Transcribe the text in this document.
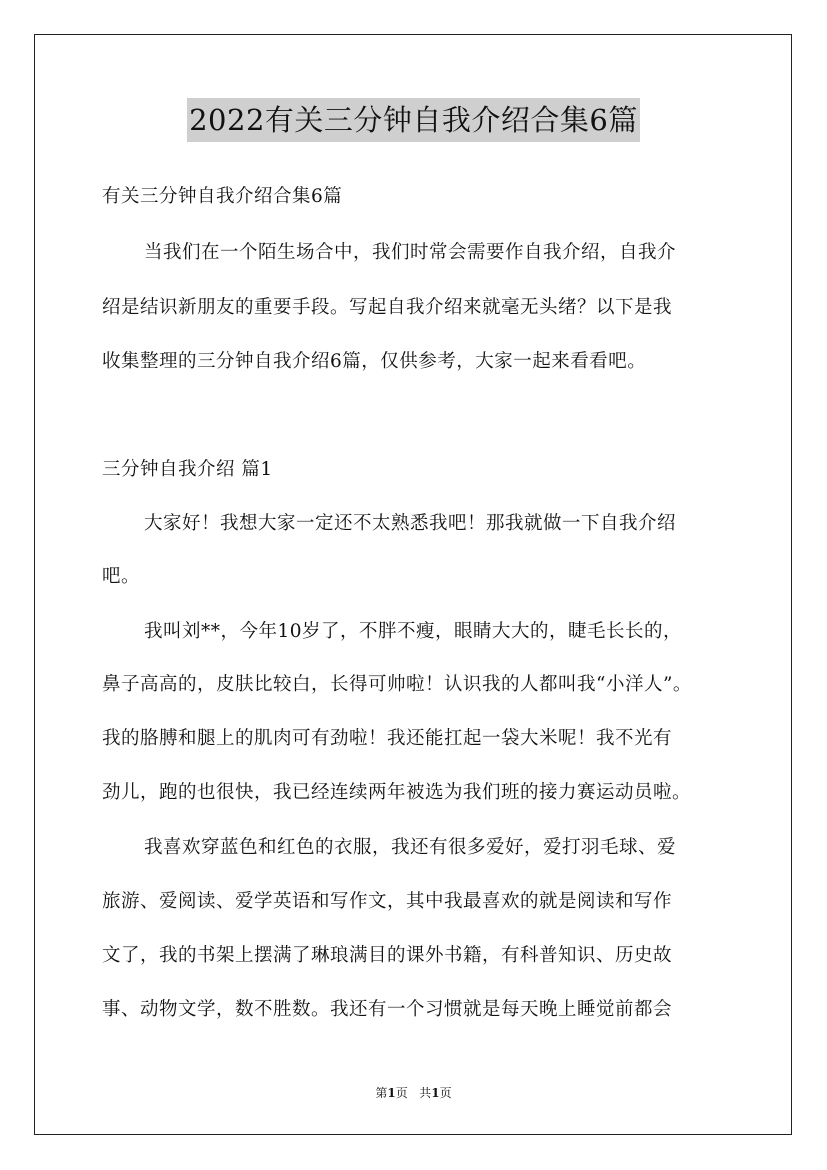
2022有关三分钟自我介绍合集6篇
有关三分钟自我介绍合集6篇
当我们在一个陌生场合中，我们时常会需要作自我介绍，自我介
绍是结识新朋友的重要手段。写起自我介绍来就毫无头绪？以下是我
收集整理的三分钟自我介绍6篇，仅供参考，大家一起来看看吧。
三分钟自我介绍 篇1
大家好！我想大家一定还不太熟悉我吧！那我就做一下自我介绍
吧。
我叫刘**，今年10岁了，不胖不瘦，眼睛大大的，睫毛长长的，
鼻子高高的，皮肤比较白，长得可帅啦！认识我的人都叫我“小洋人”。
我的胳膊和腿上的肌肉可有劲啦！我还能扛起一袋大米呢！我不光有
劲儿，跑的也很快，我已经连续两年被选为我们班的接力赛运动员啦。
我喜欢穿蓝色和红色的衣服，我还有很多爱好，爱打羽毛球、爱
旅游、爱阅读、爱学英语和写作文，其中我最喜欢的就是阅读和写作
文了，我的书架上摆满了琳琅满目的课外书籍，有科普知识、历史故
事、动物文学，数不胜数。我还有一个习惯就是每天晚上睡觉前都会
第1页 共1页
